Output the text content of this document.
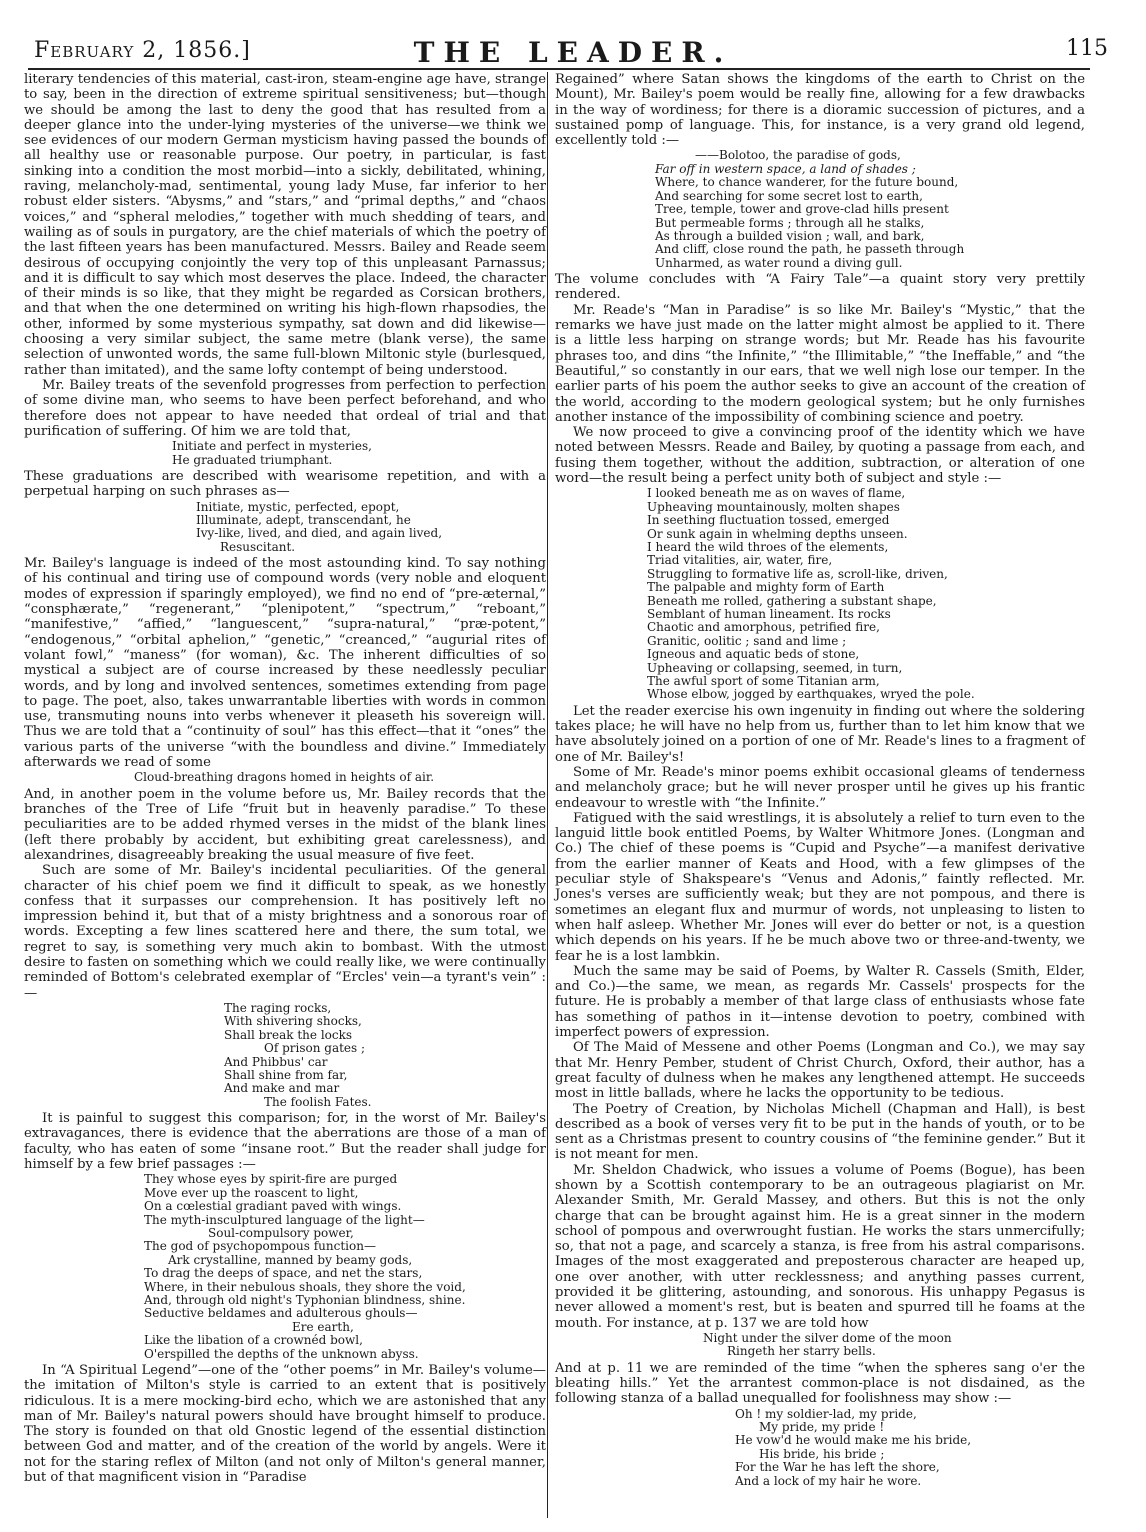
February 2, 1856.]	THE LEADER.	115

literary tendencies of this material, cast-iron, steam-engine age have, strange to say, been in the direction of extreme spiritual sensitiveness; but—though we should be among the last to deny the good that has resulted from a deeper glance into the under-lying mysteries of the universe—we think we see evidences of our modern German mysticism having passed the bounds of all healthy use or reasonable purpose. Our poetry, in particular, is fast sinking into a condition the most morbid—into a sickly, debilitated, whining, raving, melancholy-mad, sentimental, young lady Muse, far inferior to her robust elder sisters. “Abysms,” and “stars,” and “primal depths,” and “chaos voices,” and “spheral melodies,” together with much shedding of tears, and wailing as of souls in purgatory, are the chief materials of which the poetry of the last fifteen years has been manufactured. Messrs. Bailey and Reade seem desirous of occupying conjointly the very top of this unpleasant Parnassus; and it is difficult to say which most deserves the place. Indeed, the character of their minds is so like, that they might be regarded as Corsican brothers, and that when the one determined on writing his high-flown rhapsodies, the other, informed by some mysterious sympathy, sat down and did likewise—choosing a very similar subject, the same metre (blank verse), the same selection of unwonted words, the same full-blown Miltonic style (burlesqued, rather than imitated), and the same lofty contempt of being understood.

Mr. Bailey treats of the sevenfold progresses from perfection to perfection of some divine man, who seems to have been perfect beforehand, and who therefore does not appear to have needed that ordeal of trial and that purification of suffering. Of him we are told that,

Initiate and perfect in mysteries,
He graduated triumphant.

These graduations are described with wearisome repetition, and with a perpetual harping on such phrases as—

Initiate, mystic, perfected, epopt,
Illuminate, adept, transcendant, he
Ivy-like, lived, and died, and again lived,
Resuscitant.

Mr. Bailey's language is indeed of the most astounding kind. To say nothing of his continual and tiring use of compound words (very noble and eloquent modes of expression if sparingly employed), we find no end of “pre-æternal,” “consphærate,” “regenerant,” “plenipotent,” “spectrum,” “reboant,” “manifestive,” “affied,” “languescent,” “supra-natural,” “præ-potent,” “endogenous,” “orbital aphelion,” “genetic,” “creanced,” “augurial rites of volant fowl,” “maness” (for woman), &c. The inherent difficulties of so mystical a subject are of course increased by these needlessly peculiar words, and by long and involved sentences, sometimes extending from page to page. The poet, also, takes unwarrantable liberties with words in common use, transmuting nouns into verbs whenever it pleaseth his sovereign will. Thus we are told that a “continuity of soul” has this effect—that it “ones” the various parts of the universe “with the boundless and divine.” Immediately afterwards we read of some

Cloud-breathing dragons homed in heights of air.

And, in another poem in the volume before us, Mr. Bailey records that the branches of the Tree of Life “fruit but in heavenly paradise.” To these peculiarities are to be added rhymed verses in the midst of the blank lines (left there probably by accident, but exhibiting great carelessness), and alexandrines, disagreeably breaking the usual measure of five feet.

Such are some of Mr. Bailey's incidental peculiarities. Of the general character of his chief poem we find it difficult to speak, as we honestly confess that it surpasses our comprehension. It has positively left no impression behind it, but that of a misty brightness and a sonorous roar of words. Excepting a few lines scattered here and there, the sum total, we regret to say, is something very much akin to bombast. With the utmost desire to fasten on something which we could really like, we were continually reminded of Bottom's celebrated exemplar of “Ercles' vein—a tyrant's vein” :—

The raging rocks,
With shivering shocks,
Shall break the locks
Of prison gates ;
And Phibbus' car
Shall shine from far,
And make and mar
The foolish Fates.

It is painful to suggest this comparison; for, in the worst of Mr. Bailey's extravagances, there is evidence that the aberrations are those of a man of faculty, who has eaten of some “insane root.” But the reader shall judge for himself by a few brief passages :—

They whose eyes by spirit-fire are purged
Move ever up the roascent to light,
On a cœlestial gradiant paved with wings.
The myth-insculptured language of the light—
Soul-compulsory power,
The god of psychopompous function—
Ark crystalline, manned by beamy gods,
To drag the deeps of space, and net the stars,
Where, in their nebulous shoals, they shore the void,
And, through old night's Typhonian blindness, shine.
Seductive beldames and adulterous ghouls—
Ere earth,
Like the libation of a crownéd bowl,
O'erspilled the depths of the unknown abyss.

In “A Spiritual Legend”—one of the “other poems” in Mr. Bailey's volume—the imitation of Milton's style is carried to an extent that is positively ridiculous. It is a mere mocking-bird echo, which we are astonished that any man of Mr. Bailey's natural powers should have brought himself to produce. The story is founded on that old Gnostic legend of the essential distinction between God and matter, and of the creation of the world by angels. Were it not for the staring reflex of Milton (and not only of Milton's general manner, but of that magnificent vision in “Paradise

Regained” where Satan shows the kingdoms of the earth to Christ on the Mount), Mr. Bailey's poem would be really fine, allowing for a few drawbacks in the way of wordiness; for there is a dioramic succession of pictures, and a sustained pomp of language. This, for instance, is a very grand old legend, excellently told :—

——Bolotoo, the paradise of gods,
Far off in western space, a land of shades ;
Where, to chance wanderer, for the future bound,
And searching for some secret lost to earth,
Tree, temple, tower and grove-clad hills present
But permeable forms ; through all he stalks,
As through a builded vision ; wall, and bark,
And cliff, close round the path, he passeth through
Unharmed, as water round a diving gull.

The volume concludes with “A Fairy Tale”—a quaint story very prettily rendered.

Mr. Reade's “Man in Paradise” is so like Mr. Bailey's “Mystic,” that the remarks we have just made on the latter might almost be applied to it. There is a little less harping on strange words; but Mr. Reade has his favourite phrases too, and dins “the Infinite,” “the Illimitable,” “the Ineffable,” and “the Beautiful,” so constantly in our ears, that we well nigh lose our temper. In the earlier parts of his poem the author seeks to give an account of the creation of the world, according to the modern geological system; but he only furnishes another instance of the impossibility of combining science and poetry.

We now proceed to give a convincing proof of the identity which we have noted between Messrs. Reade and Bailey, by quoting a passage from each, and fusing them together, without the addition, subtraction, or alteration of one word—the result being a perfect unity both of subject and style :—

I looked beneath me as on waves of flame,
Upheaving mountainously, molten shapes
In seething fluctuation tossed, emerged
Or sunk again in whelming depths unseen.
I heard the wild throes of the elements,
Triad vitalities, air, water, fire,
Struggling to formative life as, scroll-like, driven,
The palpable and mighty form of Earth
Beneath me rolled, gathering a substant shape,
Semblant of human lineament. Its rocks
Chaotic and amorphous, petrified fire,
Granitic, oolitic ; sand and lime ;
Igneous and aquatic beds of stone,
Upheaving or collapsing, seemed, in turn,
The awful sport of some Titanian arm,
Whose elbow, jogged by earthquakes, wryed the pole.

Let the reader exercise his own ingenuity in finding out where the soldering takes place; he will have no help from us, further than to let him know that we have absolutely joined on a portion of one of Mr. Reade's lines to a fragment of one of Mr. Bailey's!

Some of Mr. Reade's minor poems exhibit occasional gleams of tenderness and melancholy grace; but he will never prosper until he gives up his frantic endeavour to wrestle with “the Infinite.”

Fatigued with the said wrestlings, it is absolutely a relief to turn even to the languid little book entitled Poems, by Walter Whitmore Jones. (Longman and Co.) The chief of these poems is “Cupid and Psyche”—a manifest derivative from the earlier manner of Keats and Hood, with a few glimpses of the peculiar style of Shakspeare's “Venus and Adonis,” faintly reflected. Mr. Jones's verses are sufficiently weak; but they are not pompous, and there is sometimes an elegant flux and murmur of words, not unpleasing to listen to when half asleep. Whether Mr. Jones will ever do better or not, is a question which depends on his years. If he be much above two or three-and-twenty, we fear he is a lost lambkin.

Much the same may be said of Poems, by Walter R. Cassels (Smith, Elder, and Co.)—the same, we mean, as regards Mr. Cassels' prospects for the future. He is probably a member of that large class of enthusiasts whose fate has something of pathos in it—intense devotion to poetry, combined with imperfect powers of expression.

Of The Maid of Messene and other Poems (Longman and Co.), we may say that Mr. Henry Pember, student of Christ Church, Oxford, their author, has a great faculty of dulness when he makes any lengthened attempt. He succeeds most in little ballads, where he lacks the opportunity to be tedious.

The Poetry of Creation, by Nicholas Michell (Chapman and Hall), is best described as a book of verses very fit to be put in the hands of youth, or to be sent as a Christmas present to country cousins of “the feminine gender.” But it is not meant for men.

Mr. Sheldon Chadwick, who issues a volume of Poems (Bogue), has been shown by a Scottish contemporary to be an outrageous plagiarist on Mr. Alexander Smith, Mr. Gerald Massey, and others. But this is not the only charge that can be brought against him. He is a great sinner in the modern school of pompous and overwrought fustian. He works the stars unmercifully; so, that not a page, and scarcely a stanza, is free from his astral comparisons. Images of the most exaggerated and preposterous character are heaped up, one over another, with utter recklessness; and anything passes current, provided it be glittering, astounding, and sonorous. His unhappy Pegasus is never allowed a moment's rest, but is beaten and spurred till he foams at the mouth. For instance, at p. 137 we are told how

Night under the silver dome of the moon
Ringeth her starry bells.

And at p. 11 we are reminded of the time “when the spheres sang o'er the bleating hills.” Yet the arrantest common-place is not disdained, as the following stanza of a ballad unequalled for foolishness may show :—

Oh ! my soldier-lad, my pride,
My pride, my pride !
He vow'd he would make me his bride,
His bride, his bride ;
For the War he has left the shore,
And a lock of my hair he wore.
